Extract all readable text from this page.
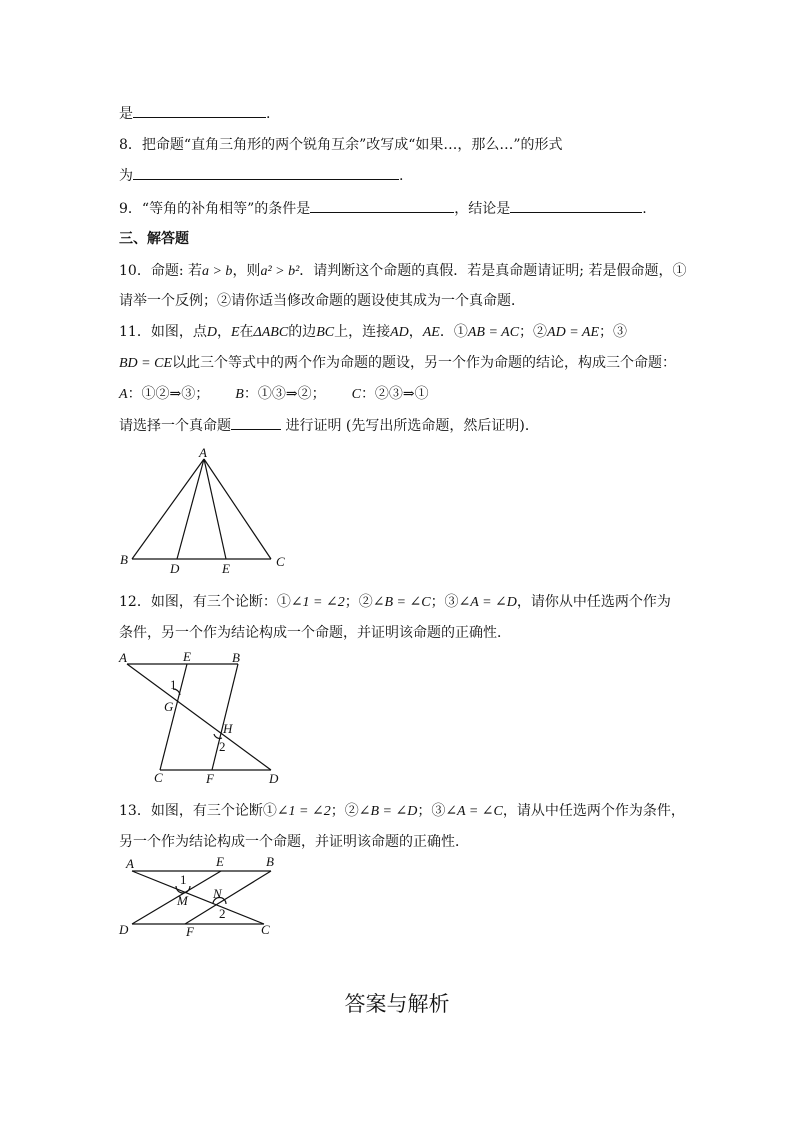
是	.
8．把命题“直角三角形的两个锐角互余”改写成“如果…，那么…”的形式
为	.
9．“等角的补角相等”的条件是	，结论是	.
三、解答题
10．命题: 若a > b，则a² > b²．请判断这个命题的真假．若是真命题请证明; 若是假命题，①
请举一个反例；②请你适当修改命题的题设使其成为一个真命题．
11．如图，点D，E在ΔABC的边BC上，连接AD，AE．①AB = AC；②AD = AE；③
BD = CE以此三个等式中的两个作为命题的题设，另一个作为命题的结论，构成三个命题：
A：①②⇒③； B：①③⇒②； C：②③⇒①
请选择一个真命题	进行证明 (先写出所选命题，然后证明)．
A
B	C
D	E
12．如图，有三个论断：①∠1 = ∠2；②∠B = ∠C；③∠A = ∠D，请你从中任选两个作为
条件，另一个作为结论构成一个命题，并证明该命题的正确性．
A	E	B
1
G
H
2
C	F	D
13．如图，有三个论断①∠1 = ∠2；②∠B = ∠D；③∠A = ∠C，请从中任选两个作为条件，
另一个作为结论构成一个命题，并证明该命题的正确性．
A	E	B
1
N
M
2
D	F	C
答案与解析
